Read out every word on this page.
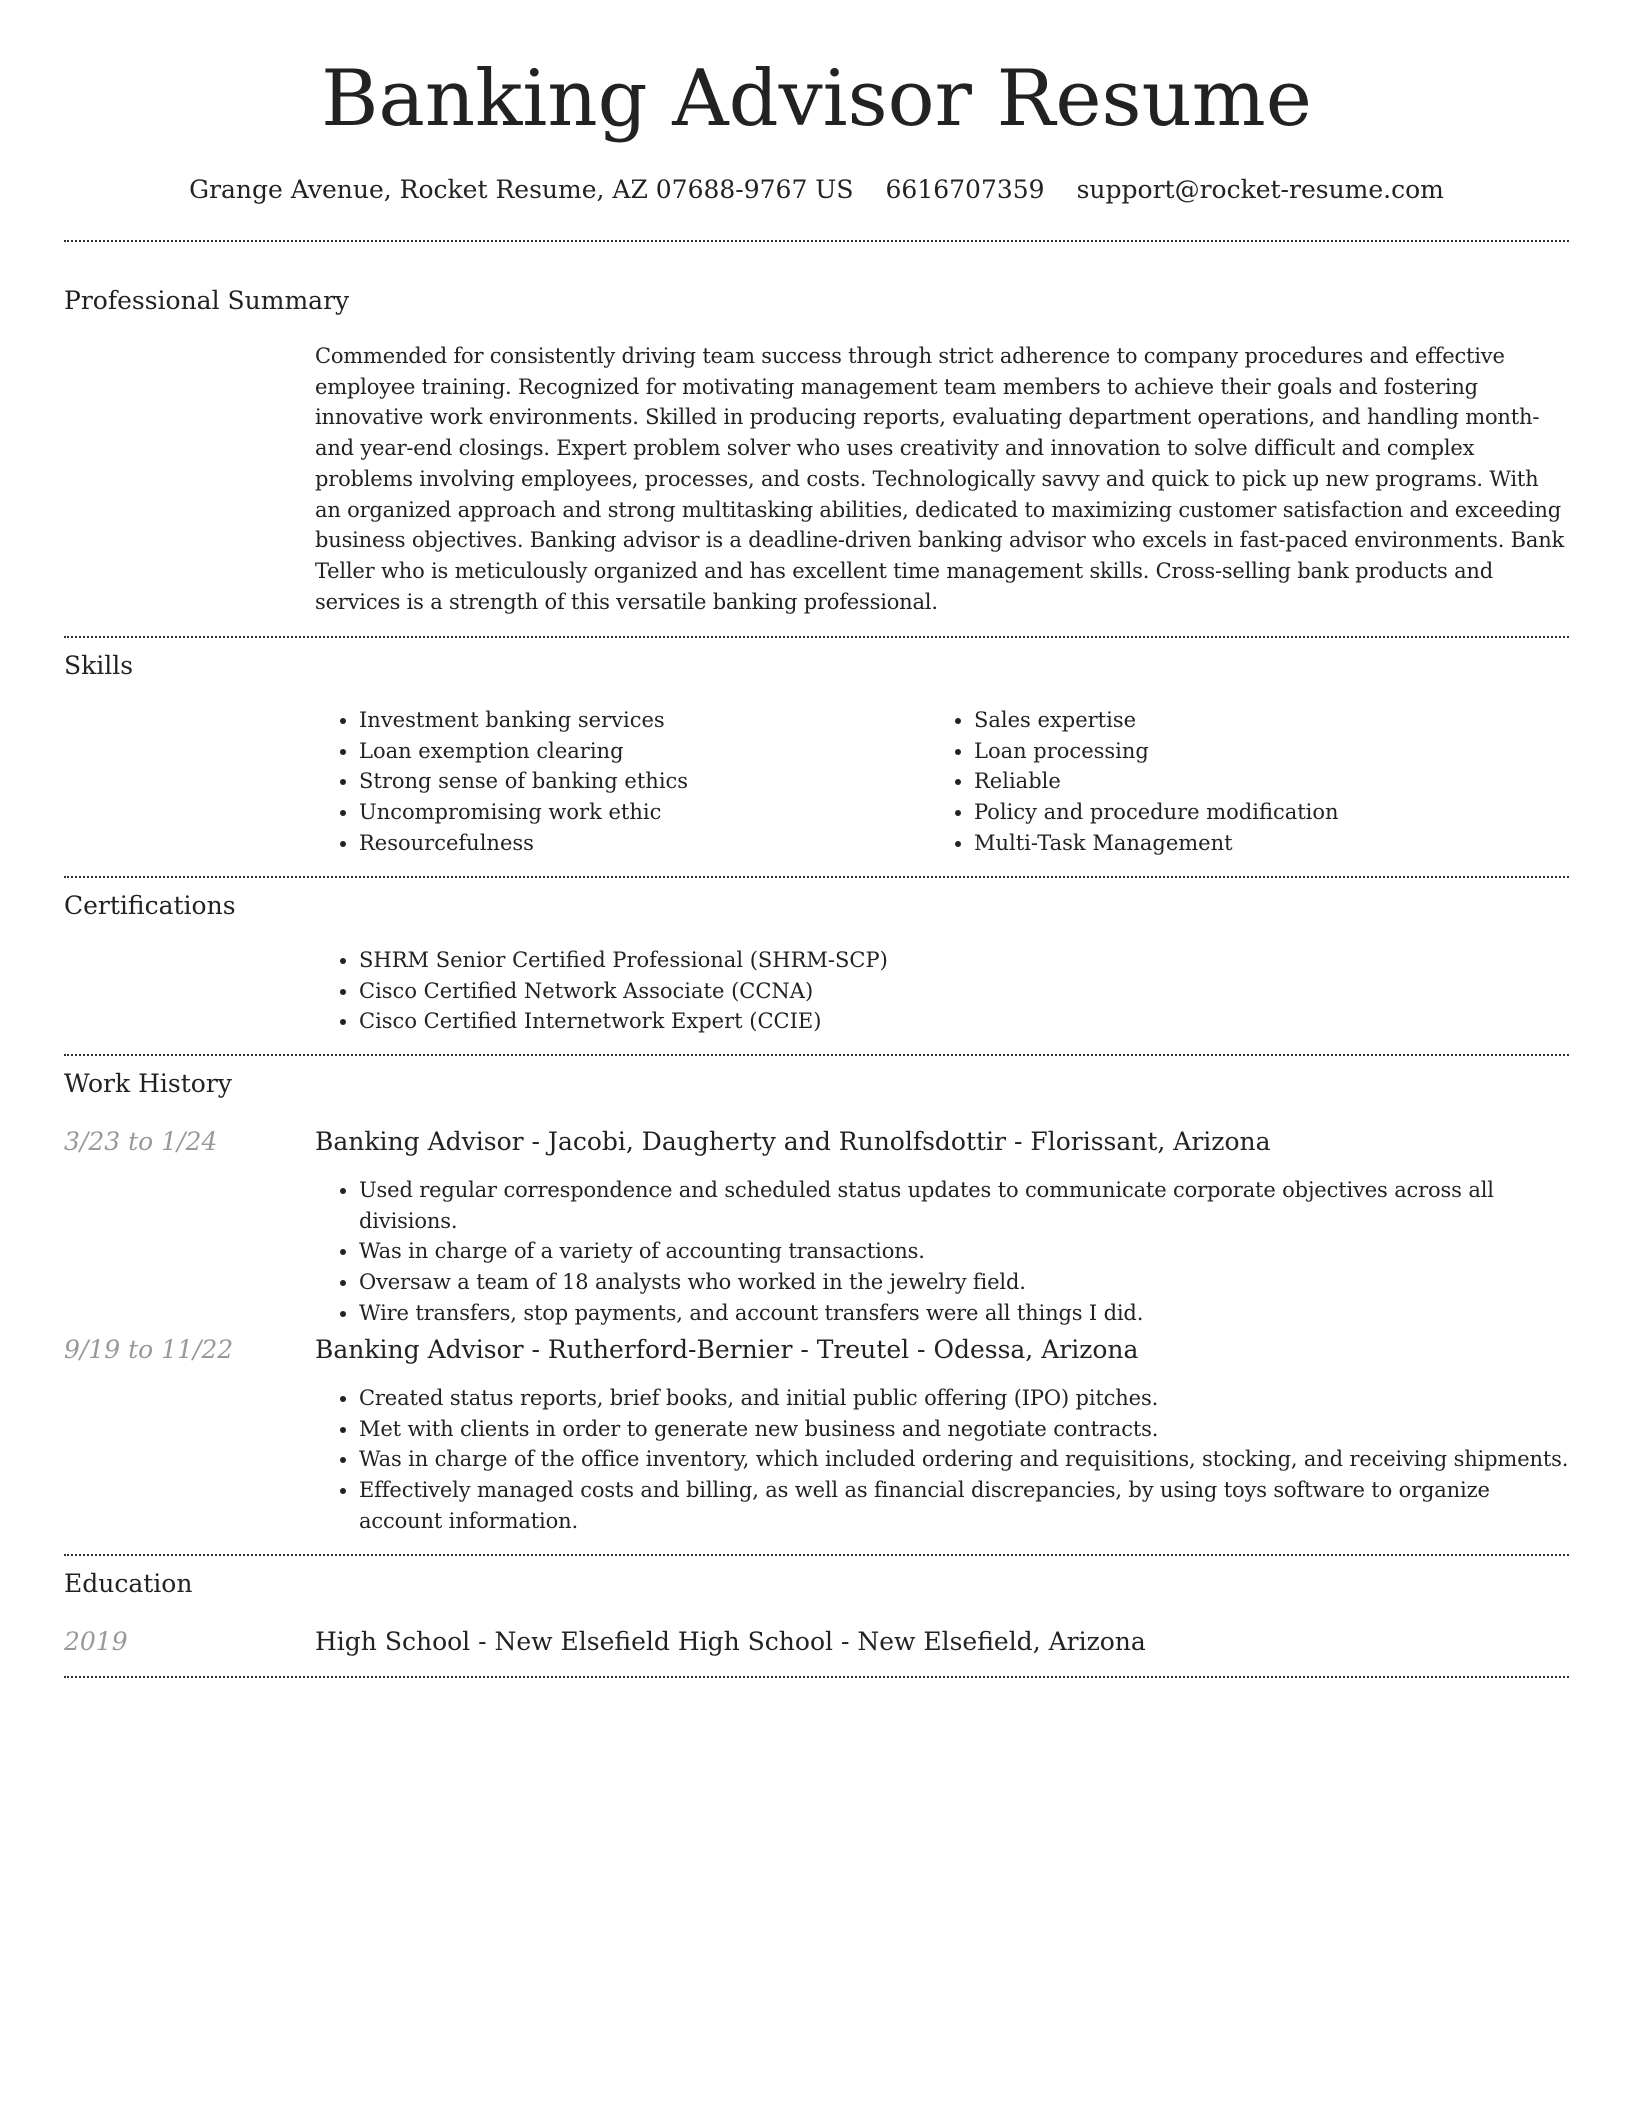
Banking Advisor Resume
Grange Avenue, Rocket Resume, AZ 07688-9767 US 6616707359 support@rocket-resume.com
Professional Summary

Commended for consistently driving team success through strict adherence to company procedures and effective employee training. Recognized for motivating management team members to achieve their goals and fostering innovative work environments. Skilled in producing reports, evaluating department operations, and handling month- and year-end closings. Expert problem solver who uses creativity and innovation to solve difficult and complex problems involving employees, processes, and costs. Technologically savvy and quick to pick up new programs. With an organized approach and strong multitasking abilities, dedicated to maximizing customer satisfaction and exceeding business objectives. Banking advisor is a deadline-driven banking advisor who excels in fast-paced environments. Bank Teller who is meticulously organized and has excellent time management skills. Cross-selling bank products and services is a strength of this versatile banking professional.

Skills
• Investment banking services
• Loan exemption clearing
• Strong sense of banking ethics
• Uncompromising work ethic
• Resourcefulness
• Sales expertise
• Loan processing
• Reliable
• Policy and procedure modification
• Multi-Task Management
Certifications
• SHRM Senior Certified Professional (SHRM-SCP)
• Cisco Certified Network Associate (CCNA)
• Cisco Certified Internetwork Expert (CCIE)
Work History
3/23 to 1/24	Banking Advisor - Jacobi, Daugherty and Runolfsdottir - Florissant, Arizona
• Used regular correspondence and scheduled status updates to communicate corporate objectives across all divisions.
• Was in charge of a variety of accounting transactions.
• Oversaw a team of 18 analysts who worked in the jewelry field.
• Wire transfers, stop payments, and account transfers were all things I did.
9/19 to 11/22	Banking Advisor - Rutherford-Bernier - Treutel - Odessa, Arizona
• Created status reports, brief books, and initial public offering (IPO) pitches.
• Met with clients in order to generate new business and negotiate contracts.
• Was in charge of the office inventory, which included ordering and requisitions, stocking, and receiving shipments.
• Effectively managed costs and billing, as well as financial discrepancies, by using toys software to organize account information.
Education
2019	High School - New Elsefield High School - New Elsefield, Arizona
